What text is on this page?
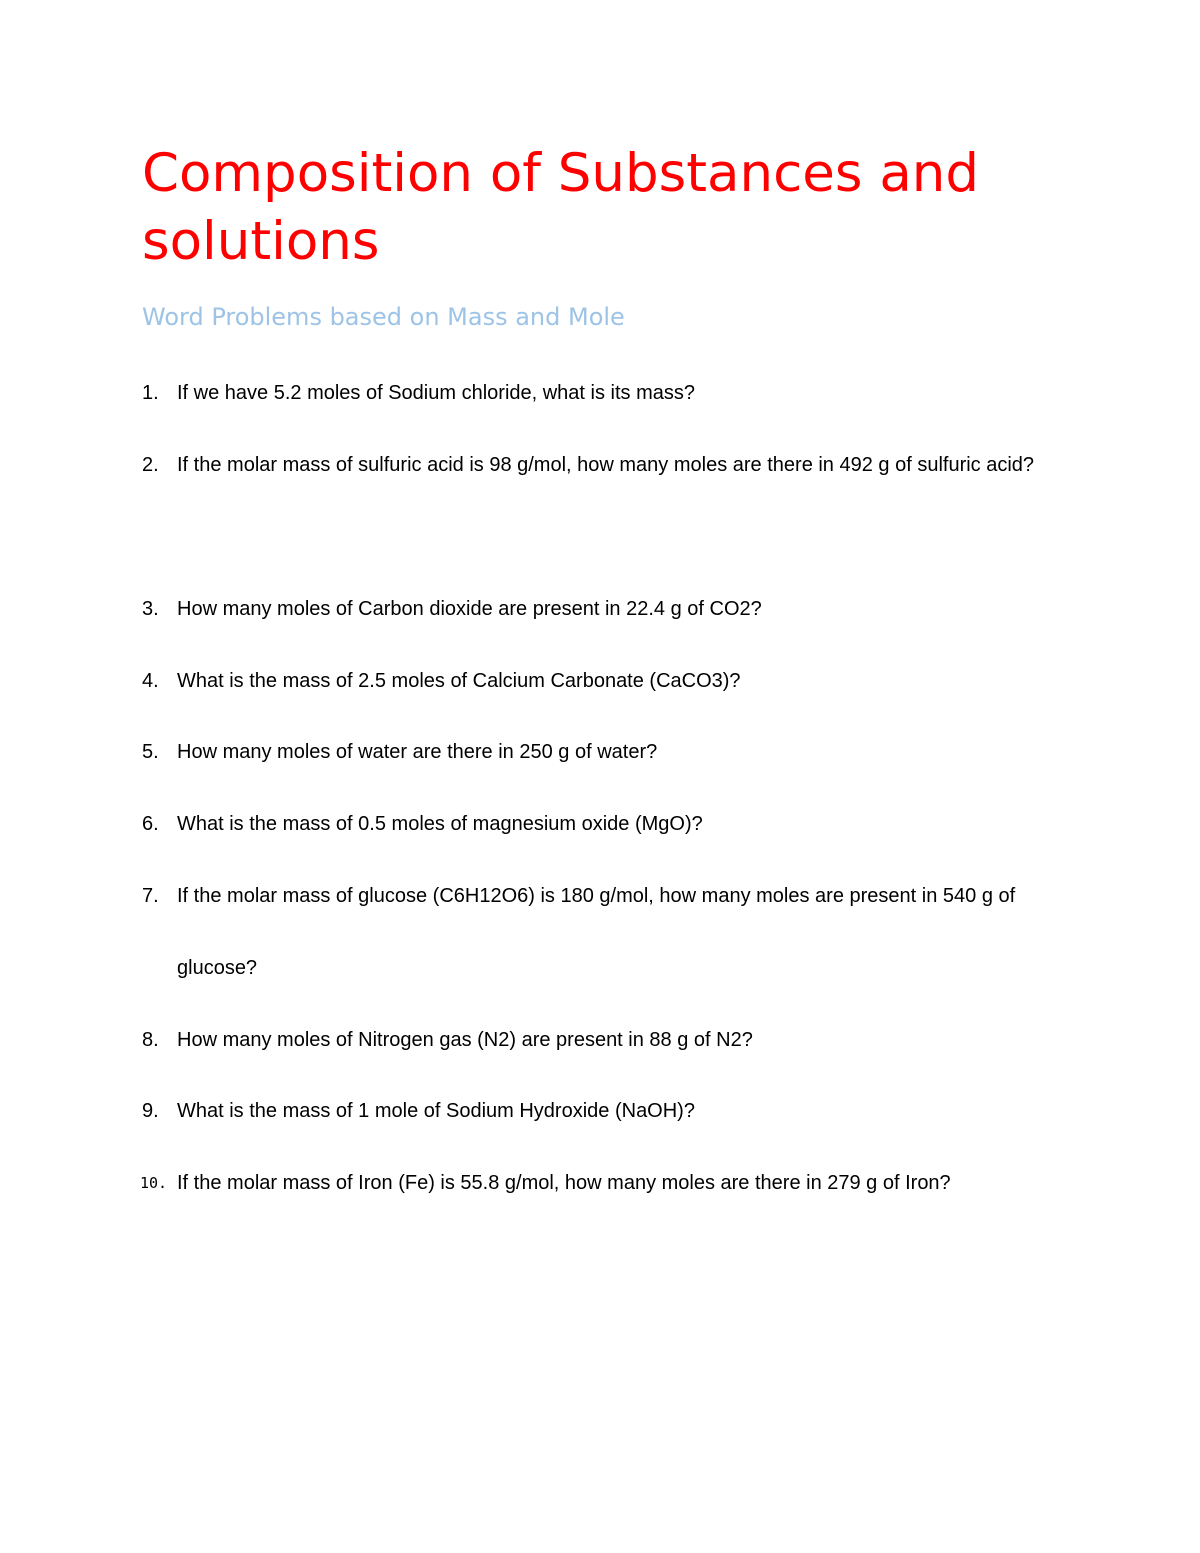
Composition of Substances and solutions
Word Problems based on Mass and Mole
1. If we have 5.2 moles of Sodium chloride, what is its mass?
2. If the molar mass of sulfuric acid is 98 g/mol, how many moles are there in 492 g of sulfuric acid?
3. How many moles of Carbon dioxide are present in 22.4 g of CO2?
4. What is the mass of 2.5 moles of Calcium Carbonate (CaCO3)?
5. How many moles of water are there in 250 g of water?
6. What is the mass of 0.5 moles of magnesium oxide (MgO)?
7. If the molar mass of glucose (C6H12O6) is 180 g/mol, how many moles are present in 540 g of glucose?
8. How many moles of Nitrogen gas (N2) are present in 88 g of N2?
9. What is the mass of 1 mole of Sodium Hydroxide (NaOH)?
10. If the molar mass of Iron (Fe) is 55.8 g/mol, how many moles are there in 279 g of Iron?
